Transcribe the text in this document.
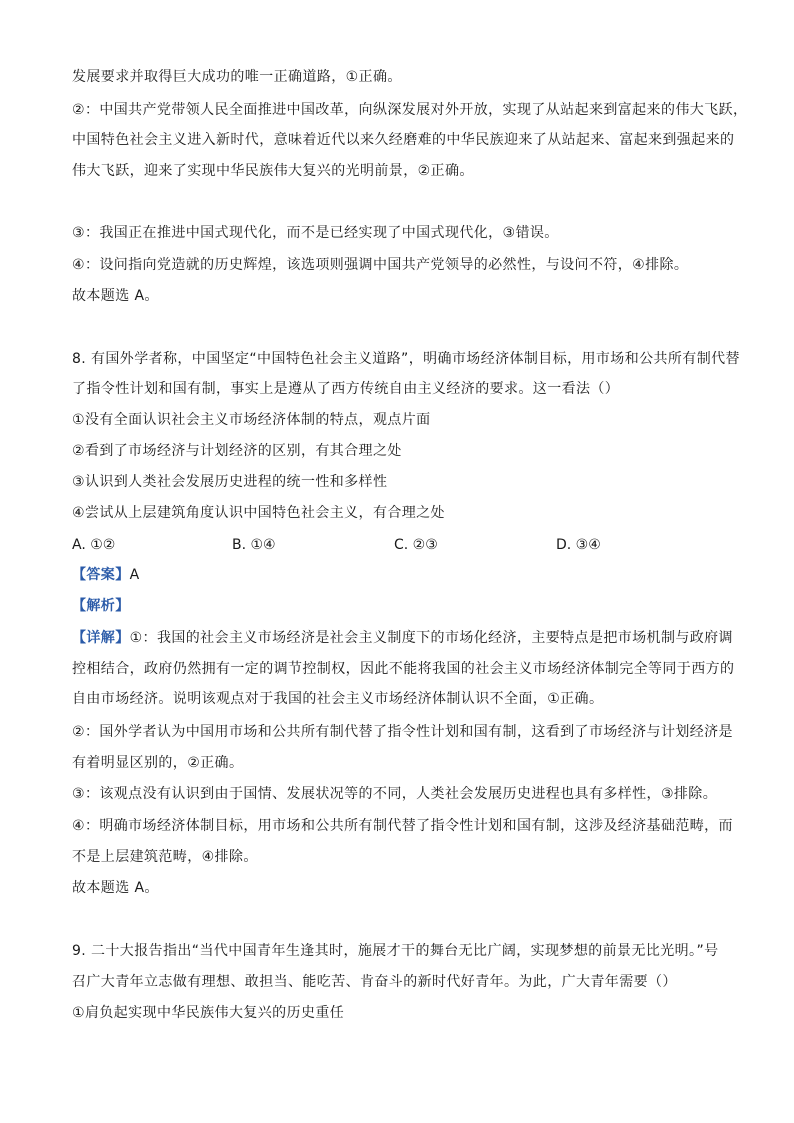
发展要求并取得巨大成功的唯一正确道路，①正确。
②：中国共产党带领人民全面推进中国改革，向纵深发展对外开放，实现了从站起来到富起来的伟大飞跃，
中国特色社会主义进入新时代，意味着近代以来久经磨难的中华民族迎来了从站起来、富起来到强起来的
伟大飞跃，迎来了实现中华民族伟大复兴的光明前景，②正确。
③：我国正在推进中国式现代化，而不是已经实现了中国式现代化，③错误。
④：设问指向党造就的历史辉煌，该选项则强调中国共产党领导的必然性，与设问不符，④排除。
故本题选 A。
8. 有国外学者称，中国坚定“中国特色社会主义道路”，明确市场经济体制目标，用市场和公共所有制代替
了指令性计划和国有制，事实上是遵从了西方传统自由主义经济的要求。这一看法（）
①没有全面认识社会主义市场经济体制的特点，观点片面
②看到了市场经济与计划经济的区别，有其合理之处
③认识到人类社会发展历史进程的统一性和多样性
④尝试从上层建筑角度认识中国特色社会主义，有合理之处
A. ①②	B. ①④	C. ②③	D. ③④
【答案】A
【解析】
【详解】①：我国的社会主义市场经济是社会主义制度下的市场化经济，主要特点是把市场机制与政府调
控相结合，政府仍然拥有一定的调节控制权，因此不能将我国的社会主义市场经济体制完全等同于西方的
自由市场经济。说明该观点对于我国的社会主义市场经济体制认识不全面，①正确。
②：国外学者认为中国用市场和公共所有制代替了指令性计划和国有制，这看到了市场经济与计划经济是
有着明显区别的，②正确。
③：该观点没有认识到由于国情、发展状况等的不同，人类社会发展历史进程也具有多样性，③排除。
④：明确市场经济体制目标，用市场和公共所有制代替了指令性计划和国有制，这涉及经济基础范畴，而
不是上层建筑范畴，④排除。
故本题选 A。
9. 二十大报告指出“当代中国青年生逢其时，施展才干的舞台无比广阔，实现梦想的前景无比光明。”号
召广大青年立志做有理想、敢担当、能吃苦、肯奋斗的新时代好青年。为此，广大青年需要（）
①肩负起实现中华民族伟大复兴的历史重任
